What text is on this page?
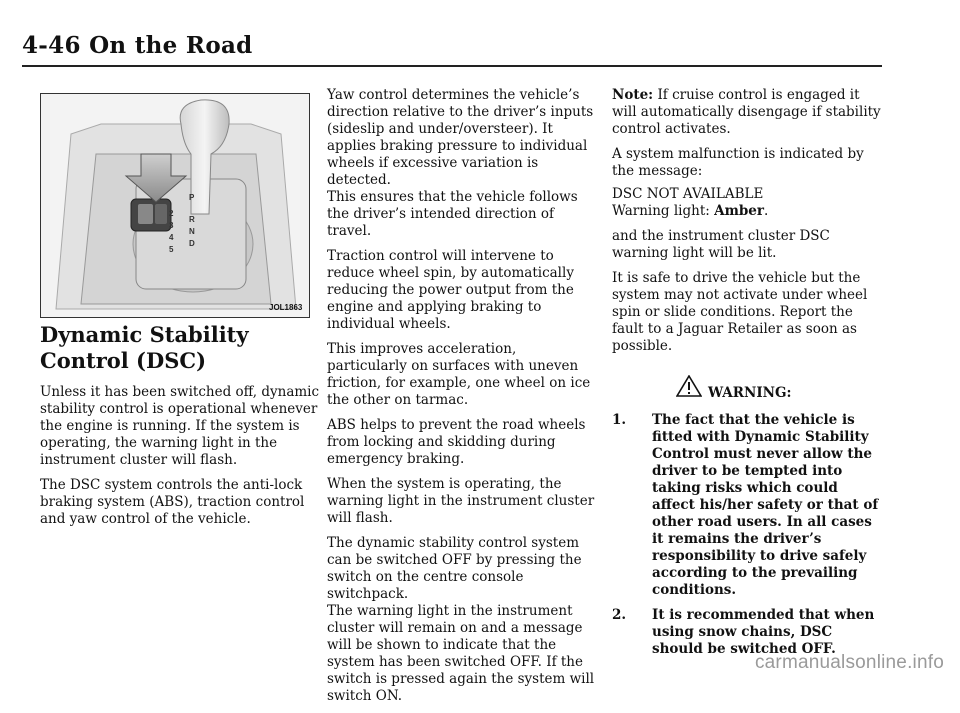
4-46 On the Road
P
R
N
D
2
3
4
5
JOL1863
Dynamic Stability Control (DSC)

Unless it has been switched off, dynamic stability control is operational whenever the engine is running. If the system is operating, the warning light in the instrument cluster will flash.

The DSC system controls the anti-lock braking system (ABS), traction control and yaw control of the vehicle.

Yaw control determines the vehicle’s direction relative to the driver’s inputs (sideslip and under/oversteer). It applies braking pressure to individual wheels if excessive variation is detected.
This ensures that the vehicle follows the driver’s intended direction of travel.

Traction control will intervene to reduce wheel spin, by automatically reducing the power output from the engine and applying braking to individual wheels.

This improves acceleration, particularly on surfaces with uneven friction, for example, one wheel on ice the other on tarmac.

ABS helps to prevent the road wheels from locking and skidding during emergency braking.

When the system is operating, the warning light in the instrument cluster will flash.

The dynamic stability control system can be switched OFF by pressing the switch on the centre console switchpack.
The warning light in the instrument cluster will remain on and a message will be shown to indicate that the system has been switched OFF. If the switch is pressed again the system will switch ON.

Note: If cruise control is engaged it will automatically disengage if stability control activates.

A system malfunction is indicated by the message:

DSC NOT AVAILABLE
Warning light: Amber.

and the instrument cluster DSC warning light will be lit.

It is safe to drive the vehicle but the system may not activate under wheel spin or slide conditions. Report the fault to a Jaguar Retailer as soon as possible.

WARNING:
1. The fact that the vehicle is fitted with Dynamic Stability Control must never allow the driver to be tempted into taking risks which could affect his/her safety or that of other road users. In all cases it remains the driver’s responsibility to drive safely according to the prevailing conditions.
2. It is recommended that when using snow chains, DSC should be switched OFF.
carmanualsonline.info
